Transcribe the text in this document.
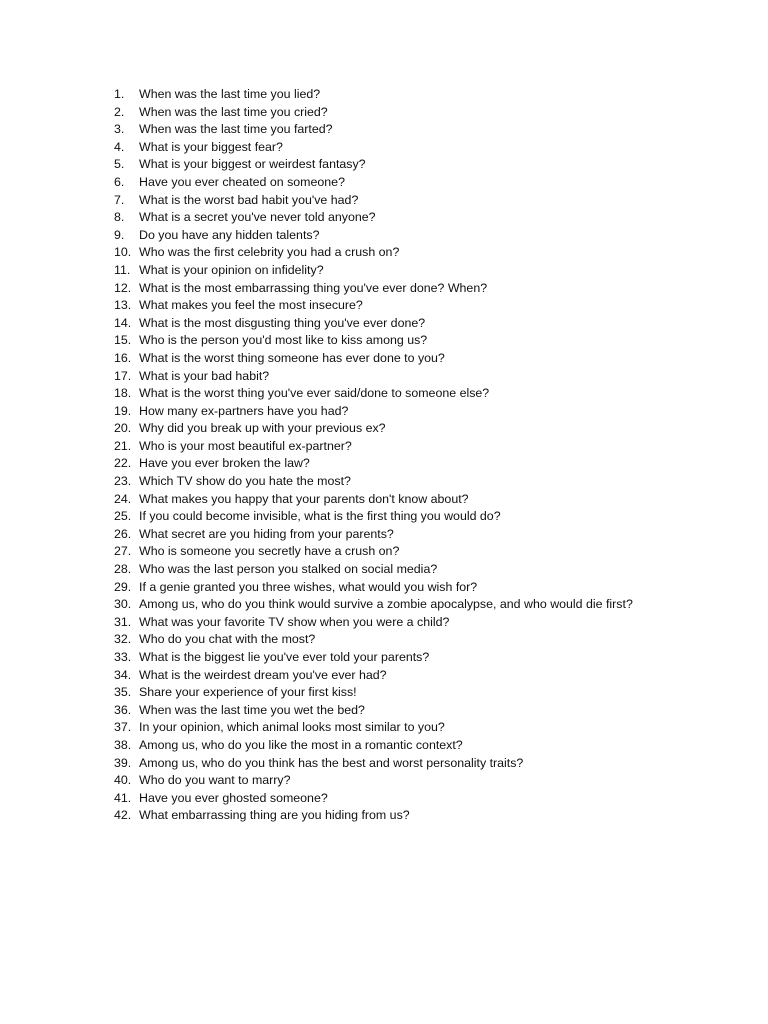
1.	When was the last time you lied?
2.	When was the last time you cried?
3.	When was the last time you farted?
4.	What is your biggest fear?
5.	What is your biggest or weirdest fantasy?
6.	Have you ever cheated on someone?
7.	What is the worst bad habit you've had?
8.	What is a secret you've never told anyone?
9.	Do you have any hidden talents?
10. Who was the first celebrity you had a crush on?
11. What is your opinion on infidelity?
12. What is the most embarrassing thing you've ever done? When?
13. What makes you feel the most insecure?
14. What is the most disgusting thing you've ever done?
15. Who is the person you'd most like to kiss among us?
16. What is the worst thing someone has ever done to you?
17. What is your bad habit?
18. What is the worst thing you've ever said/done to someone else?
19. How many ex-partners have you had?
20. Why did you break up with your previous ex?
21. Who is your most beautiful ex-partner?
22. Have you ever broken the law?
23. Which TV show do you hate the most?
24. What makes you happy that your parents don't know about?
25. If you could become invisible, what is the first thing you would do?
26. What secret are you hiding from your parents?
27. Who is someone you secretly have a crush on?
28. Who was the last person you stalked on social media?
29. If a genie granted you three wishes, what would you wish for?
30. Among us, who do you think would survive a zombie apocalypse, and who would die first?
31. What was your favorite TV show when you were a child?
32. Who do you chat with the most?
33. What is the biggest lie you've ever told your parents?
34. What is the weirdest dream you've ever had?
35. Share your experience of your first kiss!
36. When was the last time you wet the bed?
37. In your opinion, which animal looks most similar to you?
38. Among us, who do you like the most in a romantic context?
39. Among us, who do you think has the best and worst personality traits?
40. Who do you want to marry?
41. Have you ever ghosted someone?
42. What embarrassing thing are you hiding from us?
